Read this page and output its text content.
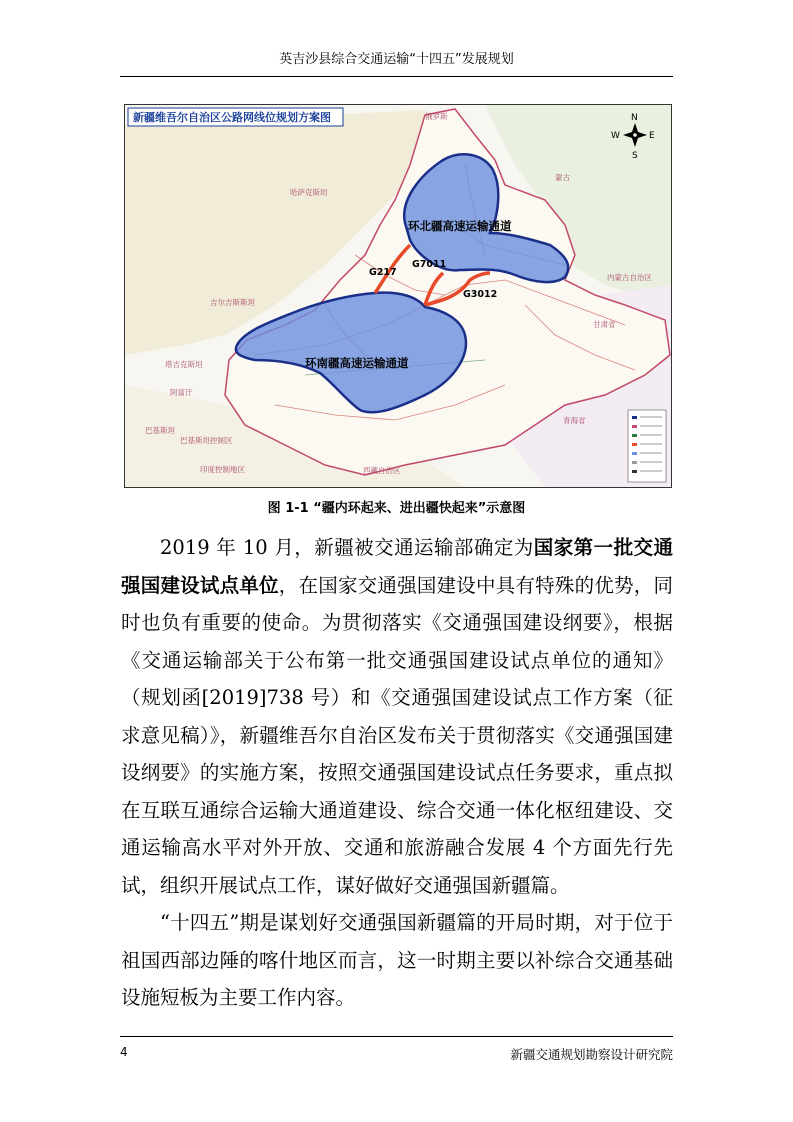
英吉沙县综合交通运输“十四五”发展规划
新疆维吾尔自治区公路网线位规划方案图
环北疆高速运输通道
环南疆高速运输通道
G217
G7011
G3012
俄罗斯
蒙古
哈萨克斯坦
吉尔吉斯斯坦
塔吉克斯坦
阿富汗
巴基斯坦
巴基斯坦控制区
印度控制地区	西藏自治区
甘肃省
青海省
内蒙古自治区
N
S
E
W
图 1-1 “疆内环起来、进出疆快起来”示意图

2019 年 10 月，新疆被交通运输部确定为国家第一批交通强国建设试点单位，在国家交通强国建设中具有特殊的优势，同时也负有重要的使命。为贯彻落实《交通强国建设纲要》，根据《交通运输部关于公布第一批交通强国建设试点单位的通知》（规划函[2019]738 号）和《交通强国建设试点工作方案（征求意见稿）》，新疆维吾尔自治区发布关于贯彻落实《交通强国建设纲要》的实施方案，按照交通强国建设试点任务要求，重点拟在互联互通综合运输大通道建设、综合交通一体化枢纽建设、交通运输高水平对外开放、交通和旅游融合发展 4 个方面先行先试，组织开展试点工作，谋好做好交通强国新疆篇。

“十四五”期是谋划好交通强国新疆篇的开局时期，对于位于祖国西部边陲的喀什地区而言，这一时期主要以补综合交通基础设施短板为主要工作内容。

4	新疆交通规划勘察设计研究院
